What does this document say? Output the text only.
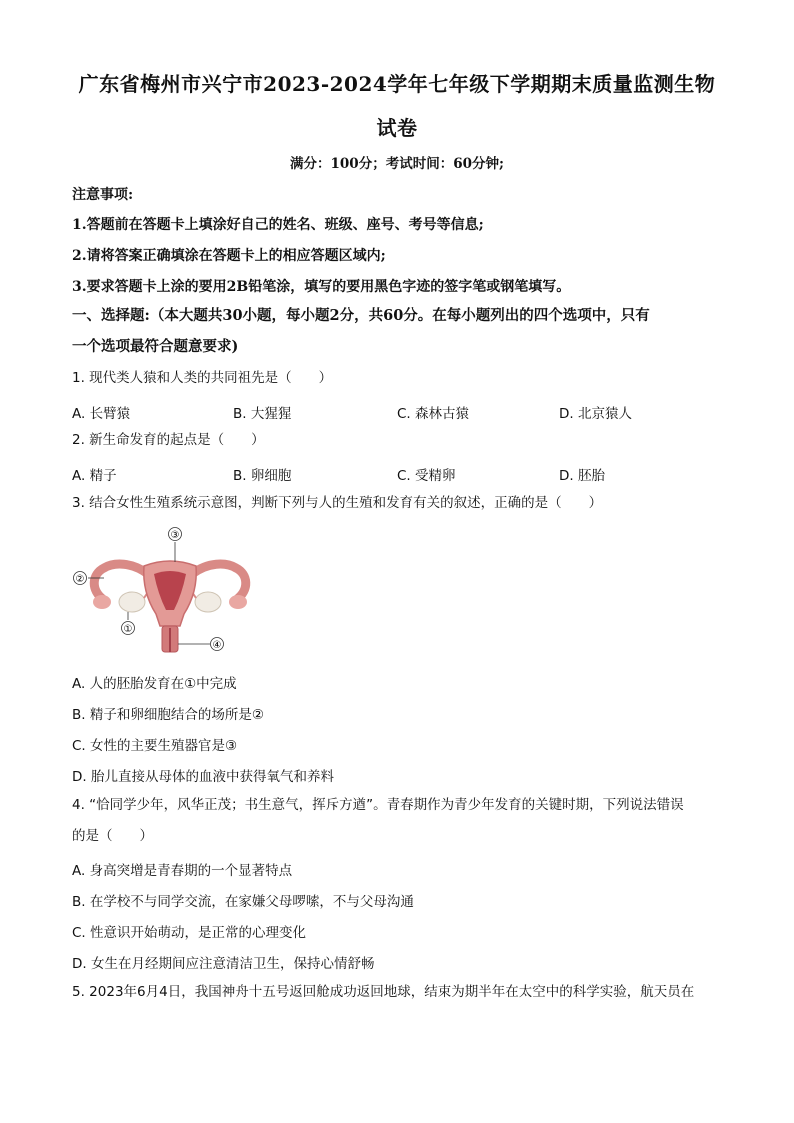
广东省梅州市兴宁市2023-2024学年七年级下学期期末质量监测生物
试卷
满分：100分；考试时间：60分钟;
注意事项:
1.答题前在答题卡上填涂好自己的姓名、班级、座号、考号等信息;
2.请将答案正确填涂在答题卡上的相应答题区域内;
3.要求答题卡上涂的要用2B铅笔涂，填写的要用黑色字迹的签字笔或钢笔填写。
一、选择题:（本大题共30小题，每小题2分，共60分。在每小题列出的四个选项中，只有
一个选项最符合题意要求)
1. 现代类人猿和人类的共同祖先是（　　）
A. 长臂猿	B. 大猩猩	C. 森林古猿	D. 北京猿人
2. 新生命发育的起点是（　　）
A. 精子	B. 卵细胞	C. 受精卵	D. 胚胎
3. 结合女性生殖系统示意图，判断下列与人的生殖和发育有关的叙述，正确的是（　　）
③
②
①
④
A. 人的胚胎发育在①中完成
B. 精子和卵细胞结合的场所是②
C. 女性的主要生殖器官是③
D. 胎儿直接从母体的血液中获得氧气和养料
4. “恰同学少年，风华正茂；书生意气，挥斥方遒”。青春期作为青少年发育的关键时期，下列说法错误
的是（　　）
A. 身高突增是青春期的一个显著特点
B. 在学校不与同学交流，在家嫌父母啰嗦，不与父母沟通
C. 性意识开始萌动，是正常的心理变化
D. 女生在月经期间应注意清洁卫生，保持心情舒畅
5. 2023年6月4日，我国神舟十五号返回舱成功返回地球，结束为期半年在太空中的科学实验，航天员在
